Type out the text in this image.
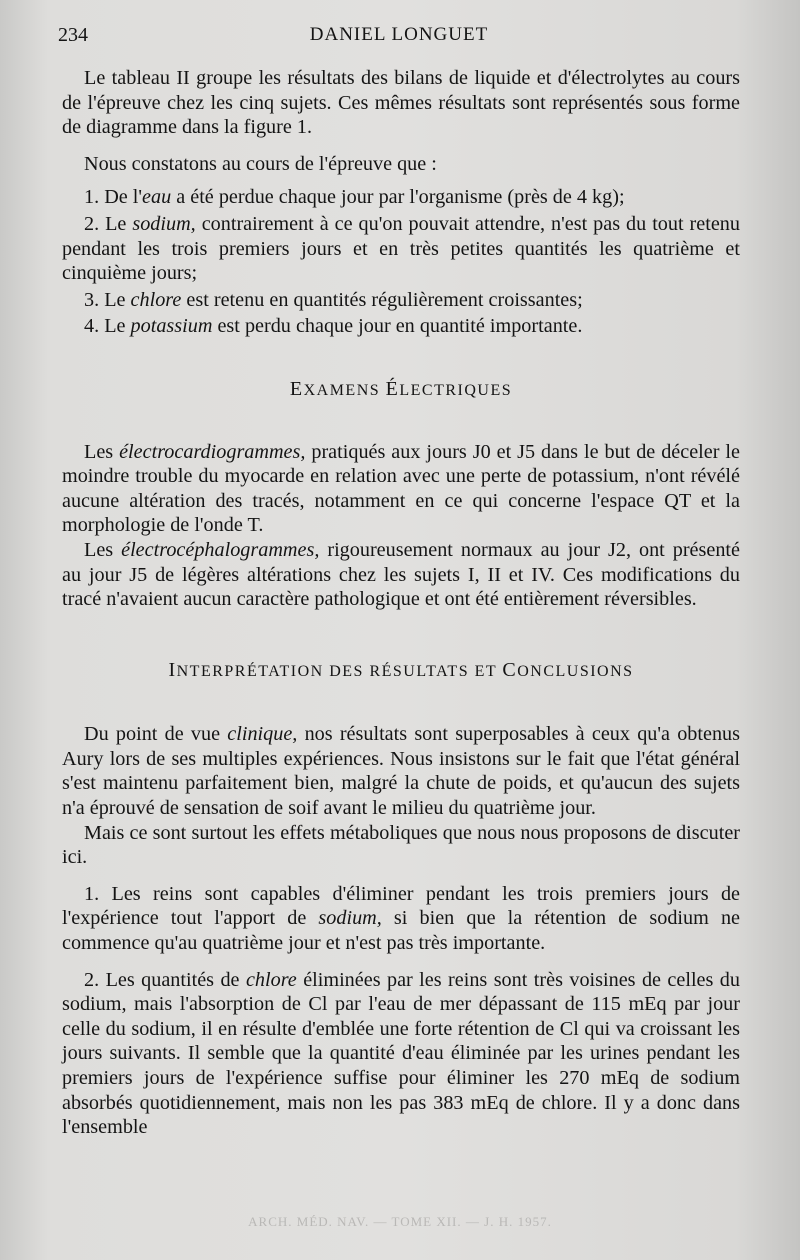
234	DANIEL LONGUET

Le tableau II groupe les résultats des bilans de liquide et d'électrolytes au cours de l'épreuve chez les cinq sujets. Ces mêmes résultats sont représentés sous forme de diagramme dans la figure 1.

Nous constatons au cours de l'épreuve que :

1. De l'eau a été perdue chaque jour par l'organisme (près de 4 kg);

2. Le sodium, contrairement à ce qu'on pouvait attendre, n'est pas du tout retenu pendant les trois premiers jours et en très petites quantités les quatrième et cinquième jours;

3. Le chlore est retenu en quantités régulièrement croissantes;

4. Le potassium est perdu chaque jour en quantité importante.

EXAMENS ÉLECTRIQUES

Les électrocardiogrammes, pratiqués aux jours J0 et J5 dans le but de déceler le moindre trouble du myocarde en relation avec une perte de potassium, n'ont révélé aucune altération des tracés, notamment en ce qui concerne l'espace QT et la morphologie de l'onde T.

Les électrocéphalogrammes, rigoureusement normaux au jour J2, ont présenté au jour J5 de légères altérations chez les sujets I, II et IV. Ces modifications du tracé n'avaient aucun caractère pathologique et ont été entièrement réversibles.

INTERPRÉTATION DES RÉSULTATS ET CONCLUSIONS

Du point de vue clinique, nos résultats sont superposables à ceux qu'a obtenus Aury lors de ses multiples expériences. Nous insistons sur le fait que l'état général s'est maintenu parfaitement bien, malgré la chute de poids, et qu'aucun des sujets n'a éprouvé de sensation de soif avant le milieu du quatrième jour.

Mais ce sont surtout les effets métaboliques que nous nous proposons de discuter ici.

1. Les reins sont capables d'éliminer pendant les trois premiers jours de l'expérience tout l'apport de sodium, si bien que la rétention de sodium ne commence qu'au quatrième jour et n'est pas très importante.

2. Les quantités de chlore éliminées par les reins sont très voisines de celles du sodium, mais l'absorption de Cl par l'eau de mer dépassant de 115 mEq par jour celle du sodium, il en résulte d'emblée une forte rétention de Cl qui va croissant les jours suivants. Il semble que la quantité d'eau éliminée par les urines pendant les premiers jours de l'expérience suffise pour éliminer les 270 mEq de sodium absorbés quotidiennement, mais non les pas 383 mEq de chlore. Il y a donc dans l'ensemble

ARCH. MÉD. NAV. — TOME XII. — J. H. 1957.
